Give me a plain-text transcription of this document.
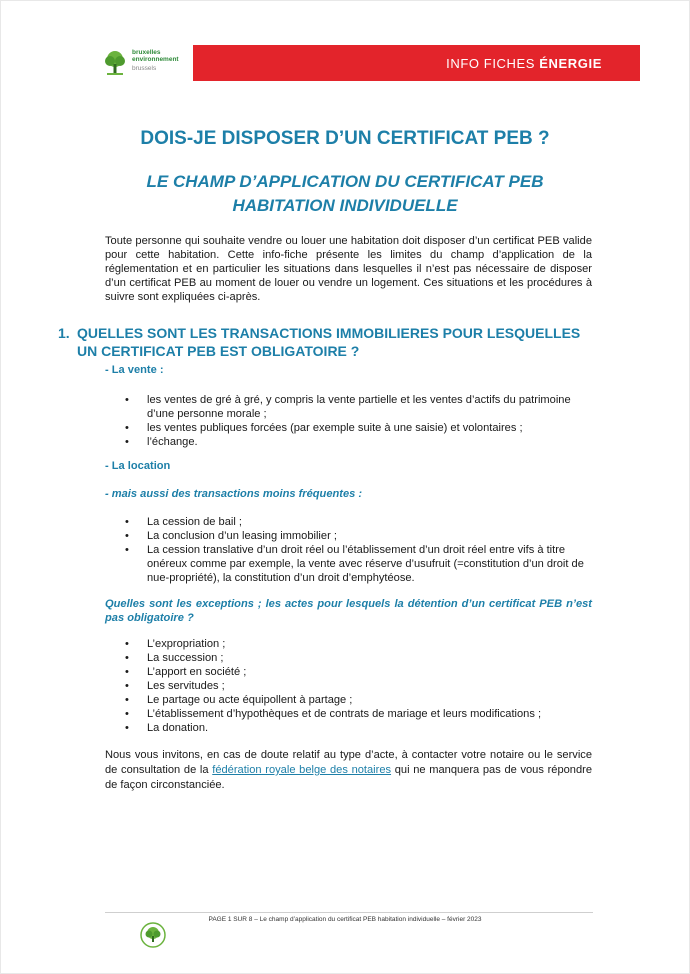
bruxelles
environnement
brussels	INFO FICHES ÉNERGIE
DOIS-JE DISPOSER D’UN CERTIFICAT PEB ?
LE CHAMP D’APPLICATION DU CERTIFICAT PEB
HABITATION INDIVIDUELLE
Toute personne qui souhaite vendre ou louer une habitation doit disposer d’un certificat PEB valide pour cette habitation. Cette info-fiche présente les limites du champ d’application de la réglementation et en particulier les situations dans lesquelles il n’est pas nécessaire de disposer d’un certificat PEB au moment de louer ou vendre un logement. Ces situations et les procédures à suivre sont expliquées ci-après.
1. QUELLES SONT LES TRANSACTIONS IMMOBILIERES POUR LESQUELLES UN CERTIFICAT PEB EST OBLIGATOIRE ?
- La vente :
• les ventes de gré à gré, y compris la vente partielle et les ventes d’actifs du patrimoine d’une personne morale ;
• les ventes publiques forcées (par exemple suite à une saisie) et volontaires ;
• l’échange.
- La location
- mais aussi des transactions moins fréquentes :
• La cession de bail ;
• La conclusion d’un leasing immobilier ;
• La cession translative d’un droit réel ou l’établissement d’un droit réel entre vifs à titre onéreux comme par exemple, la vente avec réserve d’usufruit (=constitution d’un droit de nue-propriété), la constitution d’un droit d’emphytéose.
Quelles sont les exceptions ; les actes pour lesquels la détention d’un certificat PEB n’est pas obligatoire ?
• L’expropriation ;
• La succession ;
• L’apport en société ;
• Les servitudes ;
• Le partage ou acte équipollent à partage ;
• L’établissement d’hypothèques et de contrats de mariage et leurs modifications ;
• La donation.
Nous vous invitons, en cas de doute relatif au type d’acte, à contacter votre notaire ou le service de consultation de la fédération royale belge des notaires qui ne manquera pas de vous répondre de façon circonstanciée.
PAGE 1 SUR 8 – Le champ d’application du certificat PEB habitation individuelle – février 2023
